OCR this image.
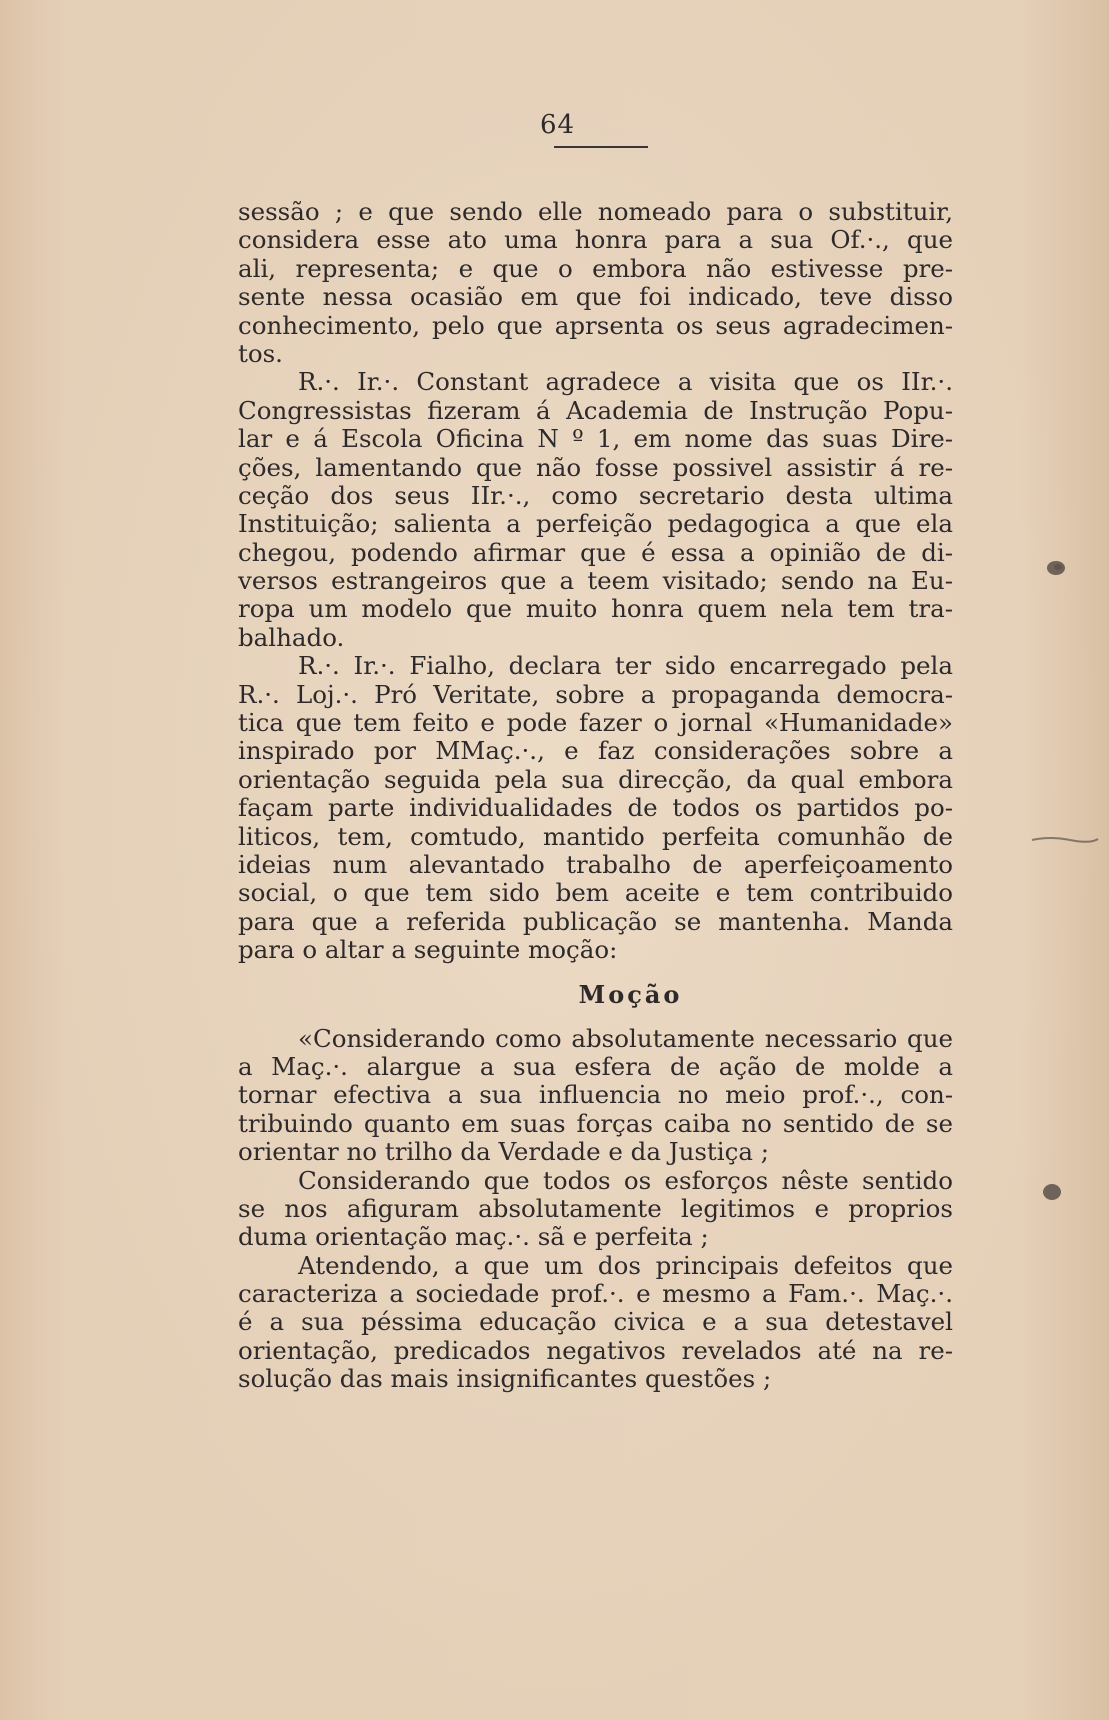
64
sessão ; e que sendo elle nomeado para o substituir,
considera esse ato uma honra para a sua Of.·., que
ali, representa; e que o embora não estivesse pre-
sente nessa ocasião em que foi indicado, teve disso
conhecimento, pelo que aprsenta os seus agradecimen-
tos.
R.·. Ir.·. Constant agradece a visita que os IIr.·.
Congressistas fizeram á Academia de Instrução Popu-
lar e á Escola Oficina N º 1, em nome das suas Dire-
ções, lamentando que não fosse possivel assistir á re-
ceção dos seus IIr.·., como secretario desta ultima
Instituição; salienta a perfeição pedagogica a que ela
chegou, podendo afirmar que é essa a opinião de di-
versos estrangeiros que a teem visitado; sendo na Eu-
ropa um modelo que muito honra quem nela tem tra-
balhado.
R.·. Ir.·. Fialho, declara ter sido encarregado pela
R.·. Loj.·. Pró Veritate, sobre a propaganda democra-
tica que tem feito e pode fazer o jornal «Humanidade»
inspirado por MMaç.·., e faz considerações sobre a
orientação seguida pela sua direcção, da qual embora
façam parte individualidades de todos os partidos po-
liticos, tem, comtudo, mantido perfeita comunhão de
ideias num alevantado trabalho de aperfeiçoamento
social, o que tem sido bem aceite e tem contribuido
para que a referida publicação se mantenha. Manda
para o altar a seguinte moção:
Moção
«Considerando como absolutamente necessario que
a Maç.·. alargue a sua esfera de ação de molde a
tornar efectiva a sua influencia no meio prof.·., con-
tribuindo quanto em suas forças caiba no sentido de se
orientar no trilho da Verdade e da Justiça ;
Considerando que todos os esforços nêste sentido
se nos afiguram absolutamente legitimos e proprios
duma orientação maç.·. sã e perfeita ;
Atendendo, a que um dos principais defeitos que
caracteriza a sociedade prof.·. e mesmo a Fam.·. Maç.·.
é a sua péssima educação civica e a sua detestavel
orientação, predicados negativos revelados até na re-
solução das mais insignificantes questões ;
